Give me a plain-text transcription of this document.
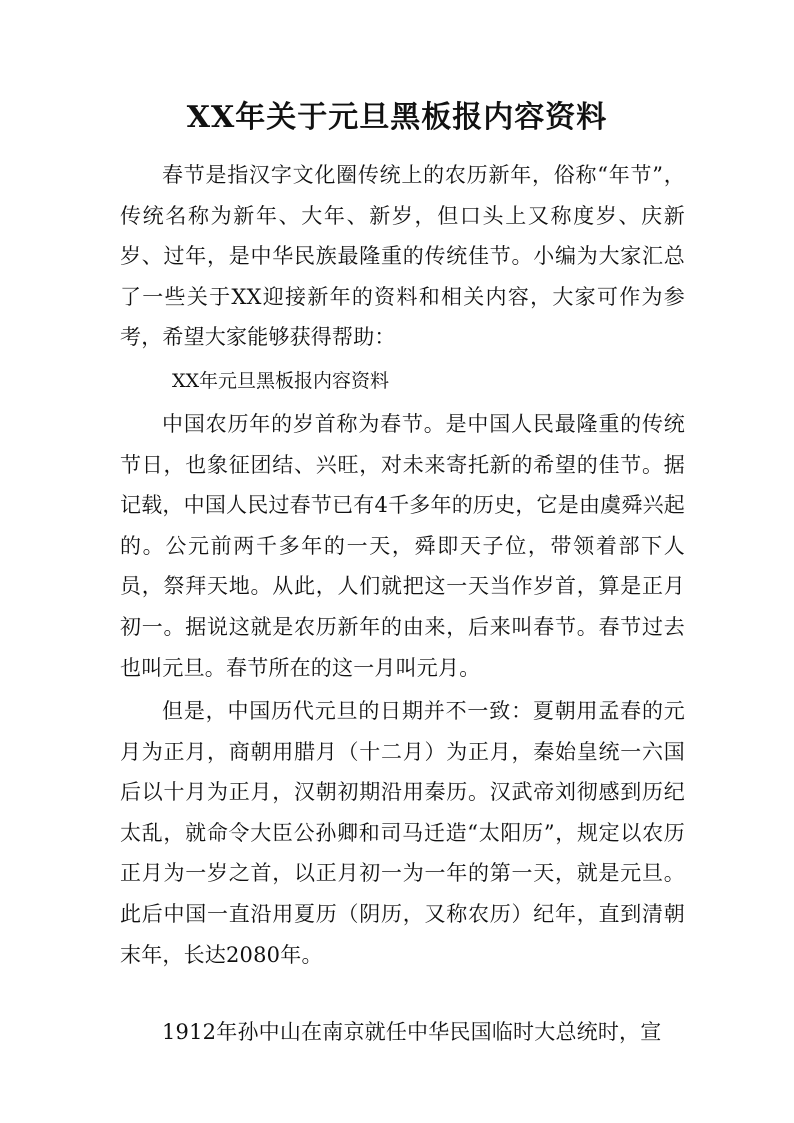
XX年关于元旦黑板报内容资料

春节是指汉字文化圈传统上的农历新年，俗称“年节”，传统名称为新年、大年、新岁，但口头上又称度岁、庆新岁、过年，是中华民族最隆重的传统佳节。小编为大家汇总了一些关于XX迎接新年的资料和相关内容，大家可作为参考，希望大家能够获得帮助：

XX年元旦黑板报内容资料

中国农历年的岁首称为春节。是中国人民最隆重的传统节日，也象征团结、兴旺，对未来寄托新的希望的佳节。据记载，中国人民过春节已有4千多年的历史，它是由虞舜兴起的。公元前两千多年的一天，舜即天子位，带领着部下人员，祭拜天地。从此，人们就把这一天当作岁首，算是正月初一。据说这就是农历新年的由来，后来叫春节。春节过去也叫元旦。春节所在的这一月叫元月。

但是，中国历代元旦的日期并不一致：夏朝用孟春的元月为正月，商朝用腊月（十二月）为正月，秦始皇统一六国后以十月为正月，汉朝初期沿用秦历。汉武帝刘彻感到历纪太乱，就命令大臣公孙卿和司马迁造“太阳历”，规定以农历正月为一岁之首，以正月初一为一年的第一天，就是元旦。此后中国一直沿用夏历（阴历，又称农历）纪年，直到清朝末年，长达2080年。

1912年孙中山在南京就任中华民国临时大总统时，宣
